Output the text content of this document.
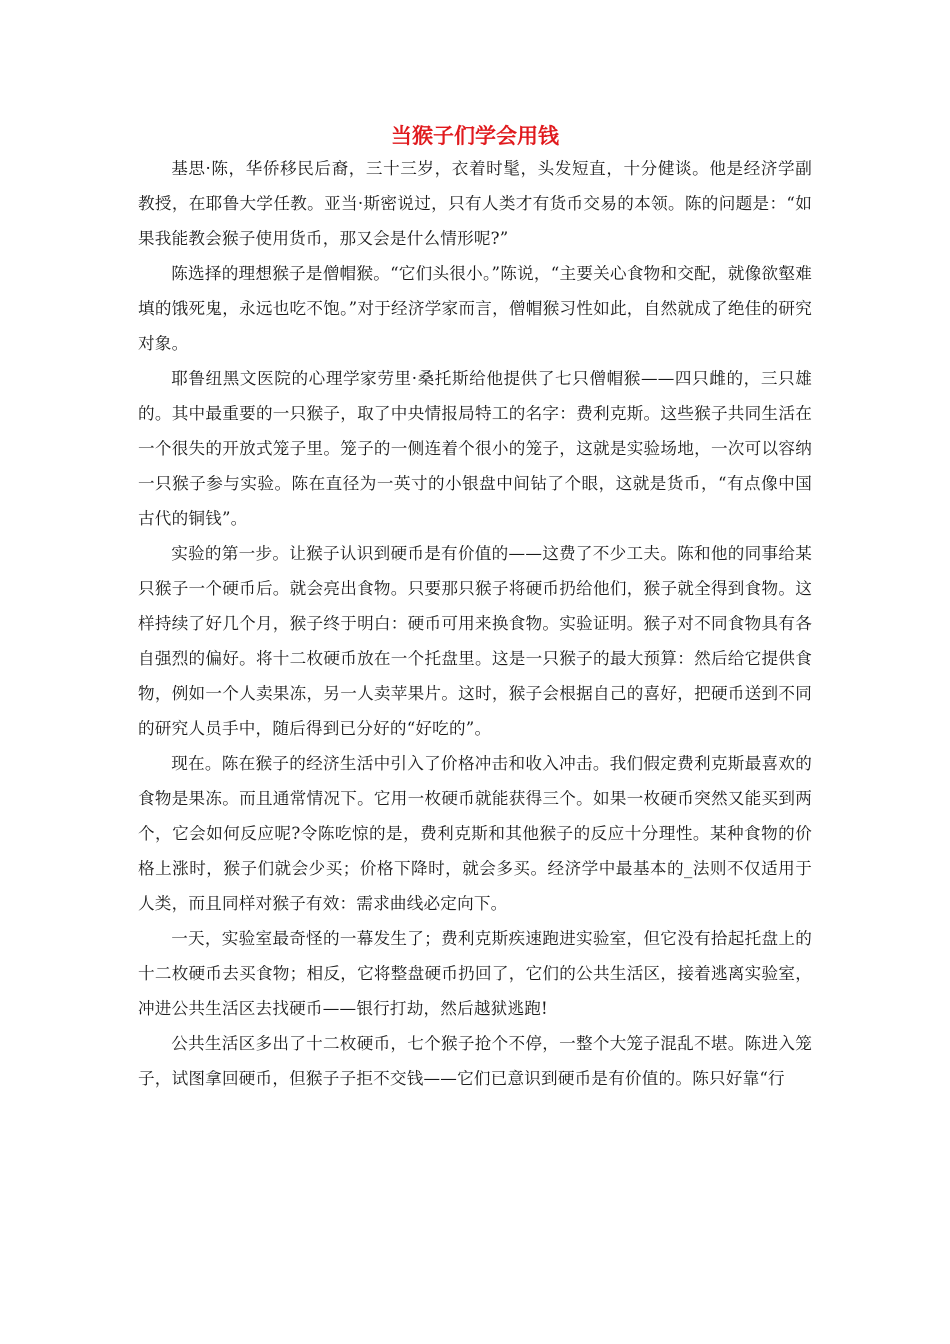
当猴子们学会用钱

基思·陈，华侨移民后裔，三十三岁，衣着时髦，头发短直，十分健谈。他是经济学副教授，在耶鲁大学任教。亚当·斯密说过，只有人类才有货币交易的本领。陈的问题是：“如果我能教会猴子使用货币，那又会是什么情形呢?”

陈选择的理想猴子是僧帽猴。“它们头很小。”陈说，“主要关心食物和交配，就像欲壑难填的饿死鬼，永远也吃不饱。”对于经济学家而言，僧帽猴习性如此，自然就成了绝佳的研究对象。

耶鲁纽黑文医院的心理学家劳里·桑托斯给他提供了七只僧帽猴——四只雌的，三只雄的。其中最重要的一只猴子，取了中央情报局特工的名字：费利克斯。这些猴子共同生活在一个很失的开放式笼子里。笼子的一侧连着个很小的笼子，这就是实验场地，一次可以容纳一只猴子参与实验。陈在直径为一英寸的小银盘中间钻了个眼，这就是货币，“有点像中国古代的铜钱”。

实验的第一步。让猴子认识到硬币是有价值的——这费了不少工夫。陈和他的同事给某只猴子一个硬币后。就会亮出食物。只要那只猴子将硬币扔给他们，猴子就全得到食物。这样持续了好几个月，猴子终于明白：硬币可用来换食物。实验证明。猴子对不同食物具有各自强烈的偏好。将十二枚硬币放在一个托盘里。这是一只猴子的最大预算：然后给它提供食物，例如一个人卖果冻，另一人卖苹果片。这时，猴子会根据自己的喜好，把硬币送到不同的研究人员手中，随后得到已分好的“好吃的”。

现在。陈在猴子的经济生活中引入了价格冲击和收入冲击。我们假定费利克斯最喜欢的食物是果冻。而且通常情况下。它用一枚硬币就能获得三个。如果一枚硬币突然又能买到两个，它会如何反应呢?令陈吃惊的是，费利克斯和其他猴子的反应十分理性。某种食物的价格上涨时，猴子们就会少买；价格下降时，就会多买。经济学中最基本的_法则不仅适用于人类，而且同样对猴子有效：需求曲线必定向下。

一天，实验室最奇怪的一幕发生了；费利克斯疾速跑进实验室，但它没有拾起托盘上的十二枚硬币去买食物；相反，它将整盘硬币扔回了，它们的公共生活区，接着逃离实验室，冲进公共生活区去找硬币——银行打劫，然后越狱逃跑!

公共生活区多出了十二枚硬币，七个猴子抢个不停，一整个大笼子混乱不堪。陈进入笼子，试图拿回硬币，但猴子子拒不交钱——它们已意识到硬币是有价值的。陈只好靠“行
